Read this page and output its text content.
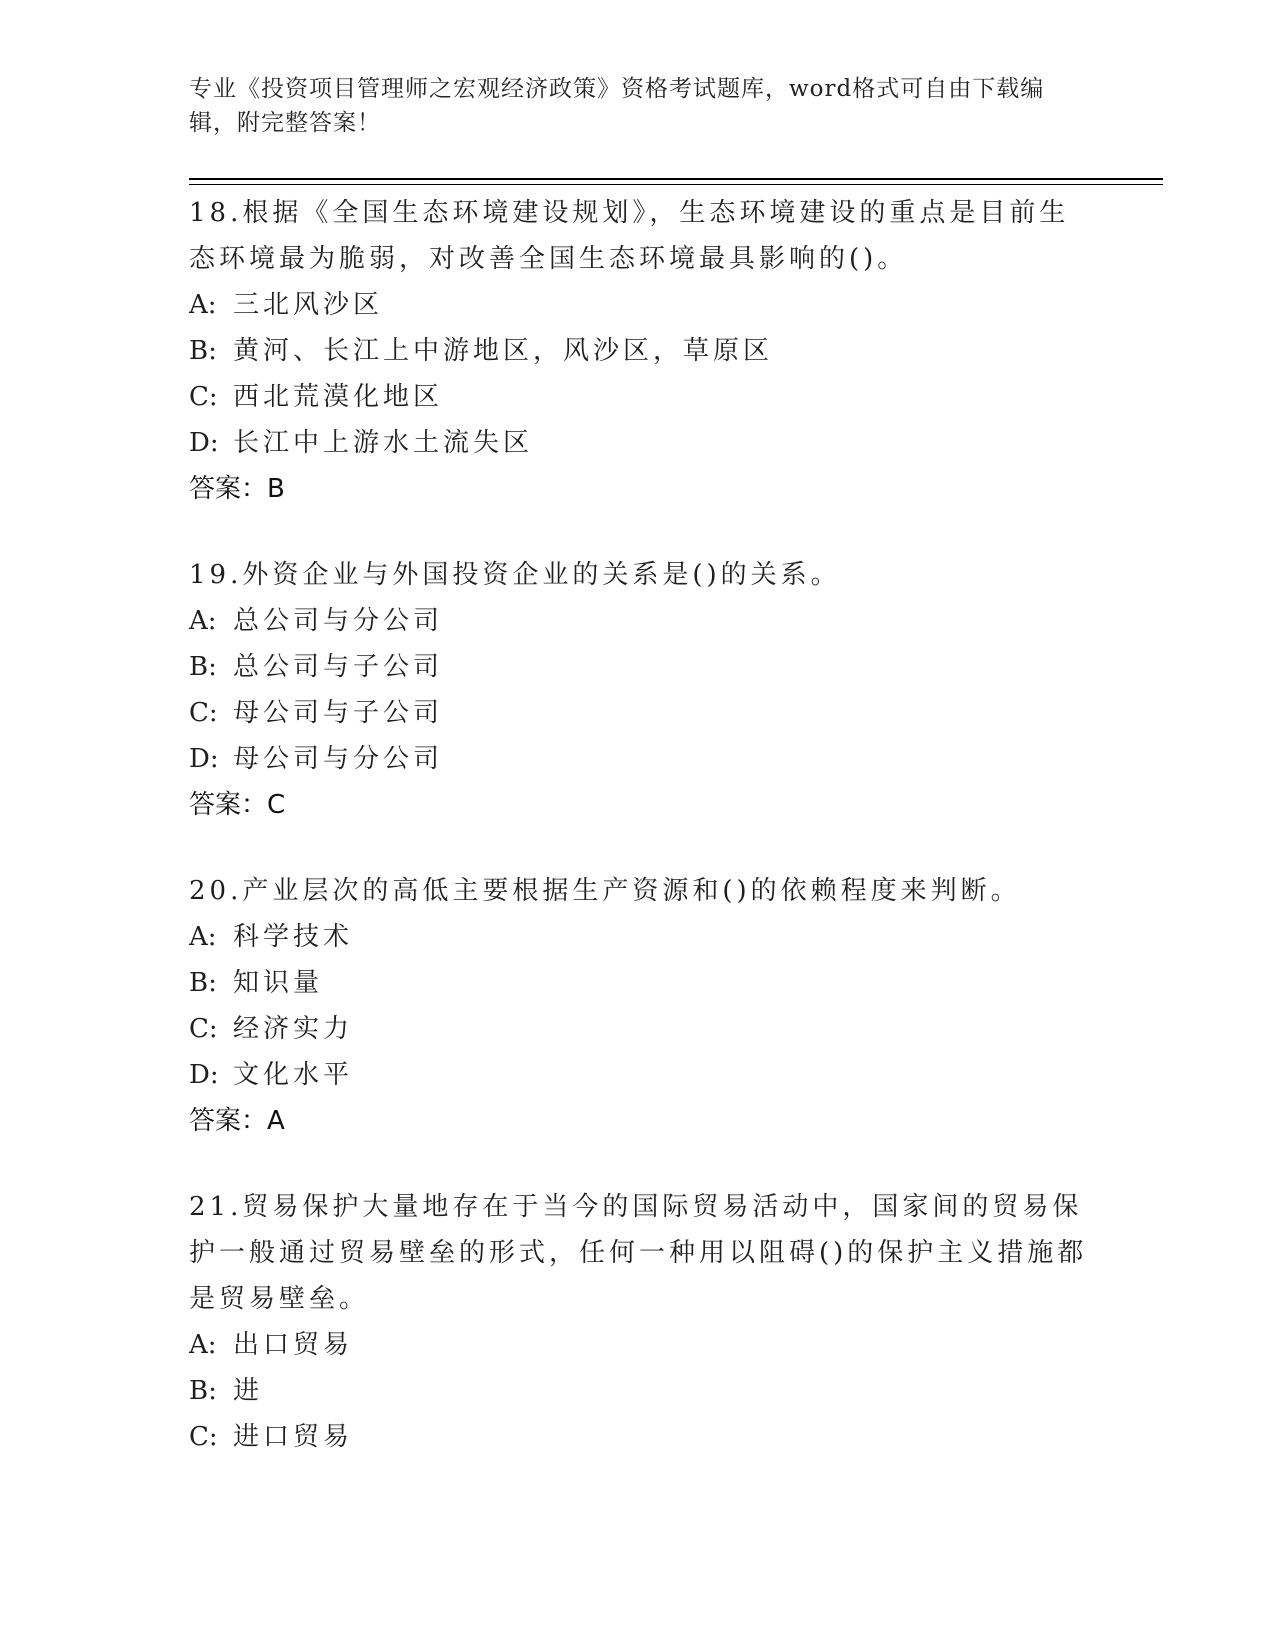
专业《投资项目管理师之宏观经济政策》资格考试题库，word格式可自由下载编辑，附完整答案！
18.根据《全国生态环境建设规划》，生态环境建设的重点是目前生态环境最为脆弱，对改善全国生态环境最具影响的()。
A: 三北风沙区
B: 黄河、长江上中游地区，风沙区，草原区
C: 西北荒漠化地区
D: 长江中上游水土流失区
答案：B
19.外资企业与外国投资企业的关系是()的关系。
A: 总公司与分公司
B: 总公司与子公司
C: 母公司与子公司
D: 母公司与分公司
答案：C
20.产业层次的高低主要根据生产资源和()的依赖程度来判断。
A: 科学技术
B: 知识量
C: 经济实力
D: 文化水平
答案：A
21.贸易保护大量地存在于当今的国际贸易活动中，国家间的贸易保护一般通过贸易壁垒的形式，任何一种用以阻碍()的保护主义措施都是贸易壁垒。
A: 出口贸易
B: 进
C: 进口贸易
